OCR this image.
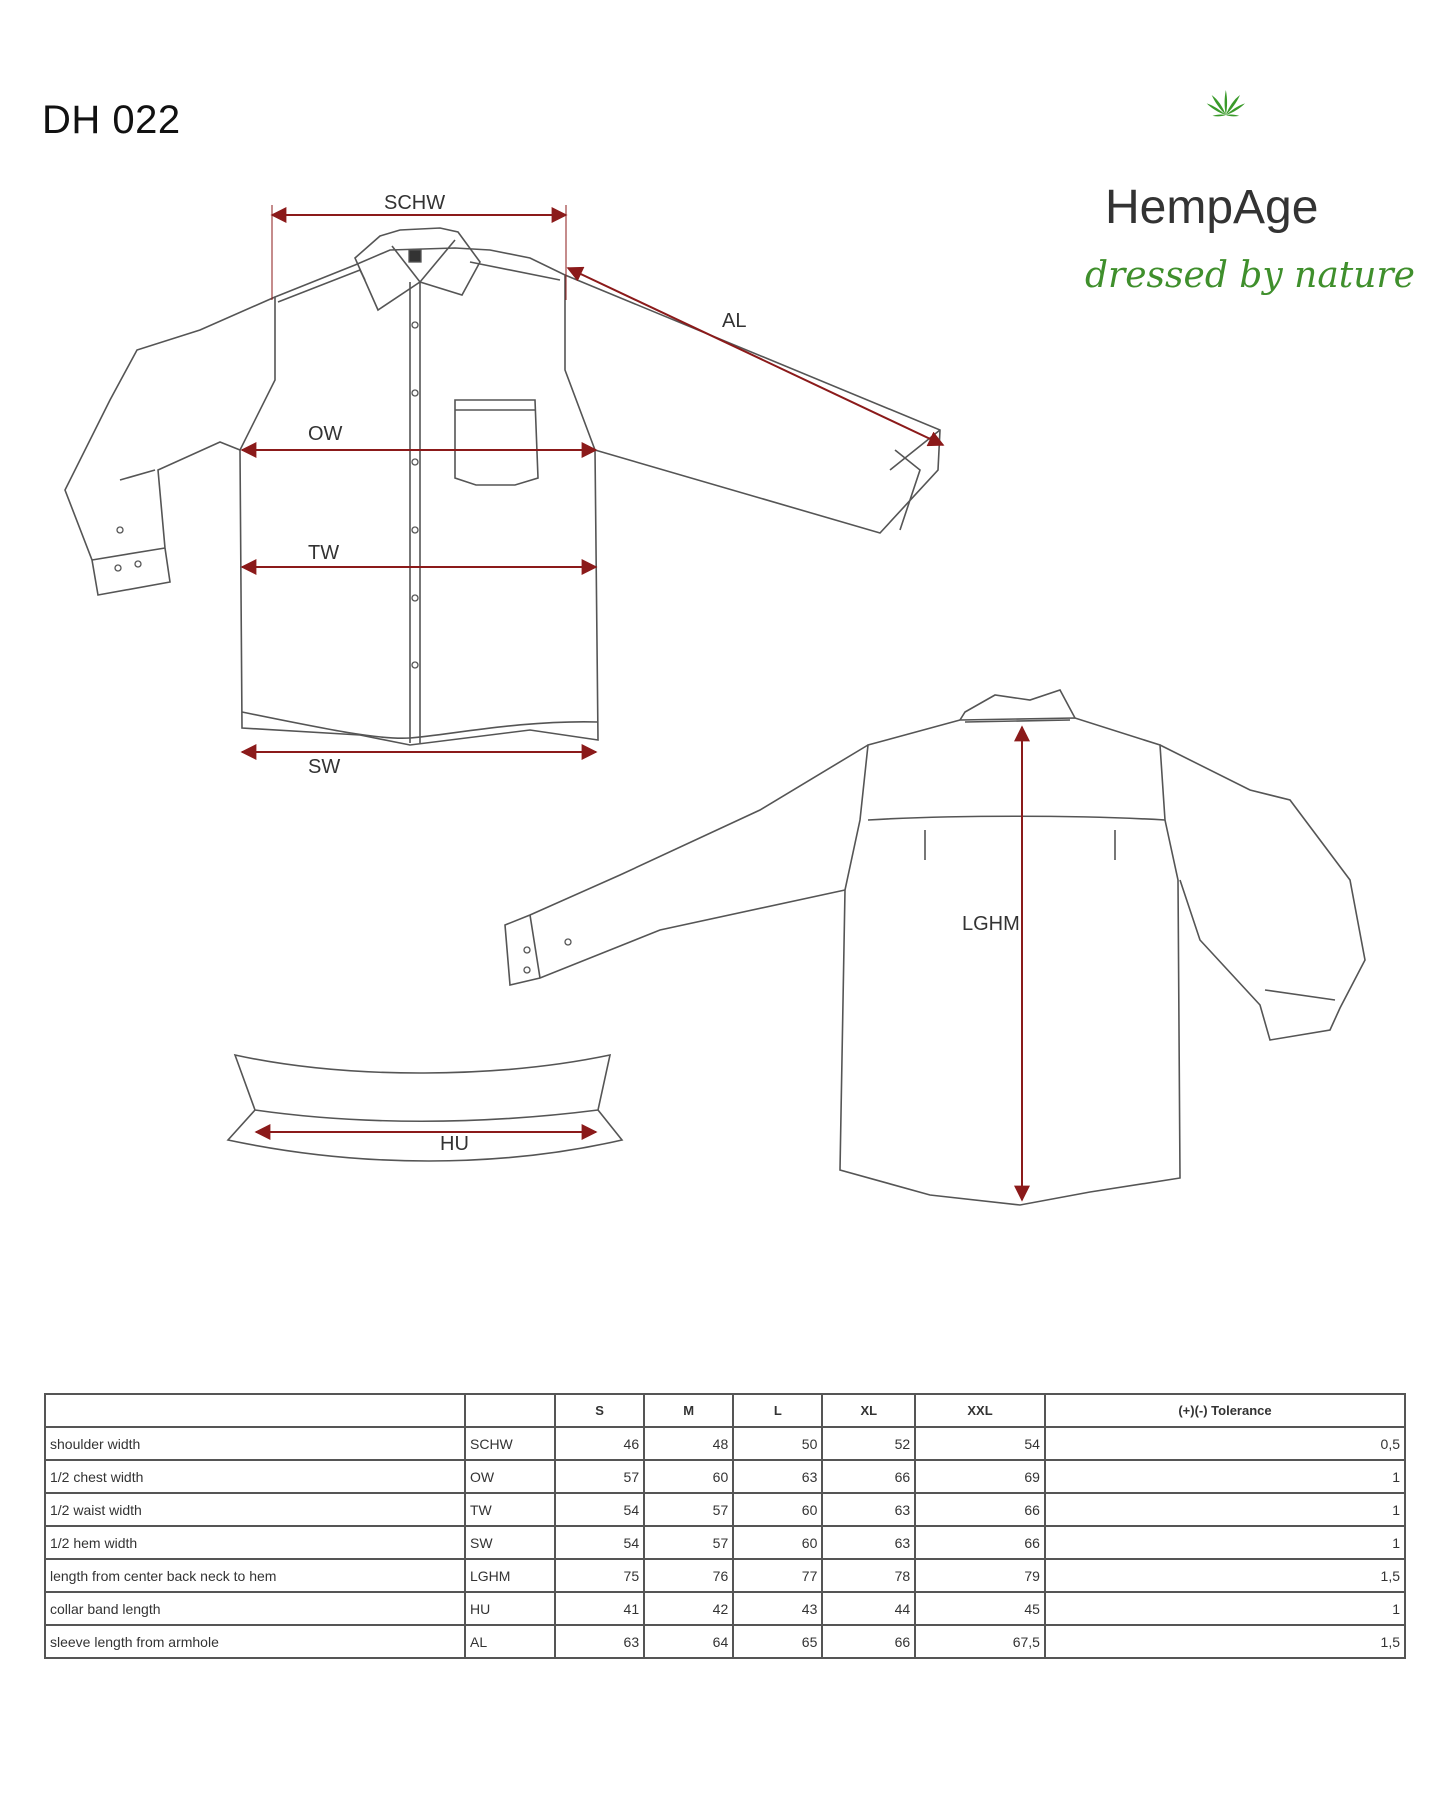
DH 022
HempAge
dressed by nature
SCHW
AL
OW
TW
SW
LGHM
HU
		S	M	L	XL	XXL	(+)(-) Tolerance
shoulder width	SCHW	46	48	50	52	54	0,5
1/2 chest width	OW	57	60	63	66	69	1
1/2 waist width	TW	54	57	60	63	66	1
1/2 hem width	SW	54	57	60	63	66	1
length from center back neck to hem	LGHM	75	76	77	78	79	1,5
collar band length	HU	41	42	43	44	45	1
sleeve length from armhole	AL	63	64	65	66	67,5	1,5
